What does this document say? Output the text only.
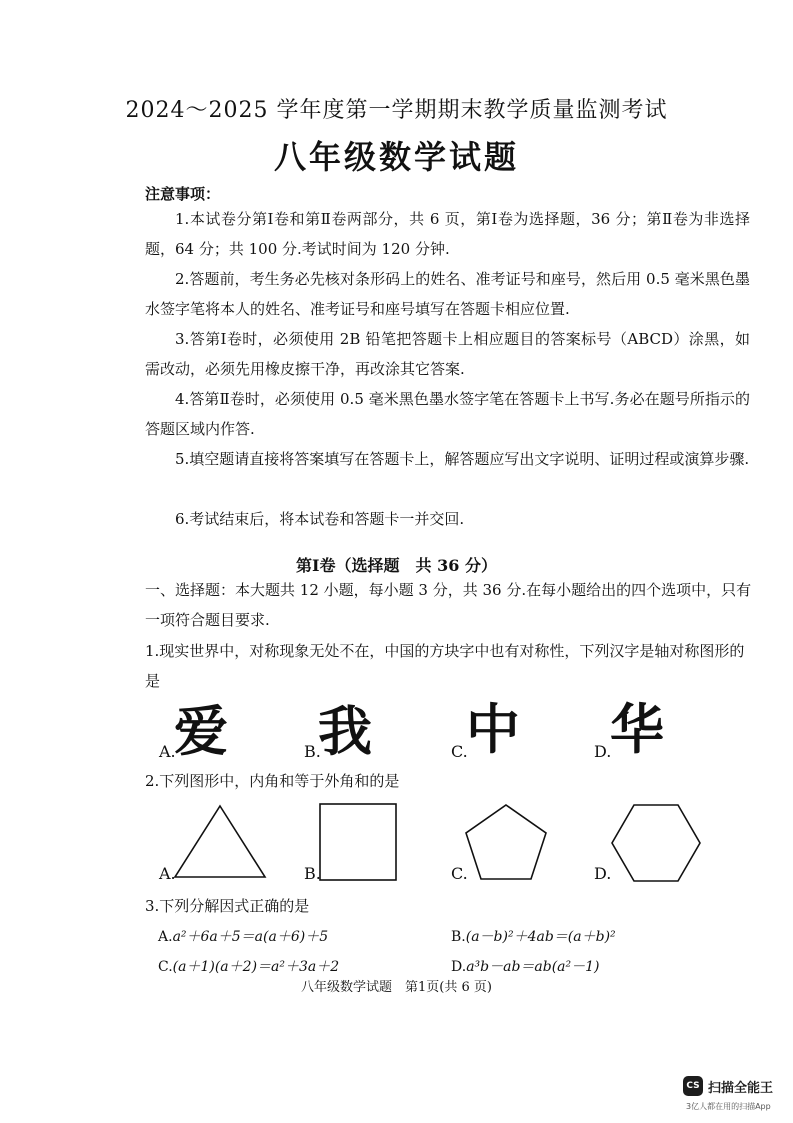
2024～2025 学年度第一学期期末教学质量监测考试
八年级数学试题
注意事项：
1.本试卷分第Ⅰ卷和第Ⅱ卷两部分，共 6 页，第Ⅰ卷为选择题，36 分；第Ⅱ卷为非选择题，64 分；共 100 分.考试时间为 120 分钟.
2.答题前，考生务必先核对条形码上的姓名、准考证号和座号，然后用 0.5 毫米黑色墨水签字笔将本人的姓名、准考证号和座号填写在答题卡相应位置.
3.答第Ⅰ卷时，必须使用 2B 铅笔把答题卡上相应题目的答案标号（ABCD）涂黑，如需改动，必须先用橡皮擦干净，再改涂其它答案.
4.答第Ⅱ卷时，必须使用 0.5 毫米黑色墨水签字笔在答题卡上书写.务必在题号所指示的答题区域内作答.
5.填空题请直接将答案填写在答题卡上，解答题应写出文字说明、证明过程或演算步骤.
6.考试结束后，将本试卷和答题卡一并交回.
第Ⅰ卷（选择题　共 36 分）
一、选择题：本大题共 12 小题，每小题 3 分，共 36 分.在每小题给出的四个选项中，只有一项符合题目要求.
1.现实世界中，对称现象无处不在，中国的方块字中也有对称性，下列汉字是轴对称图形的是
A.
爱	B.
我	C.
中	D.
华
2.下列图形中，内角和等于外角和的是
A.	B.	C.	D.
3.下列分解因式正确的是
A.a²＋6a＋5＝a(a＋6)＋5	B.(a－b)²＋4ab＝(a＋b)²
C.(a＋1)(a＋2)＝a²＋3a＋2	D.a³b－ab＝ab(a²－1)
八年级数学试题　第1页(共 6 页)
CS 扫描全能王
3亿人都在用的扫描App
